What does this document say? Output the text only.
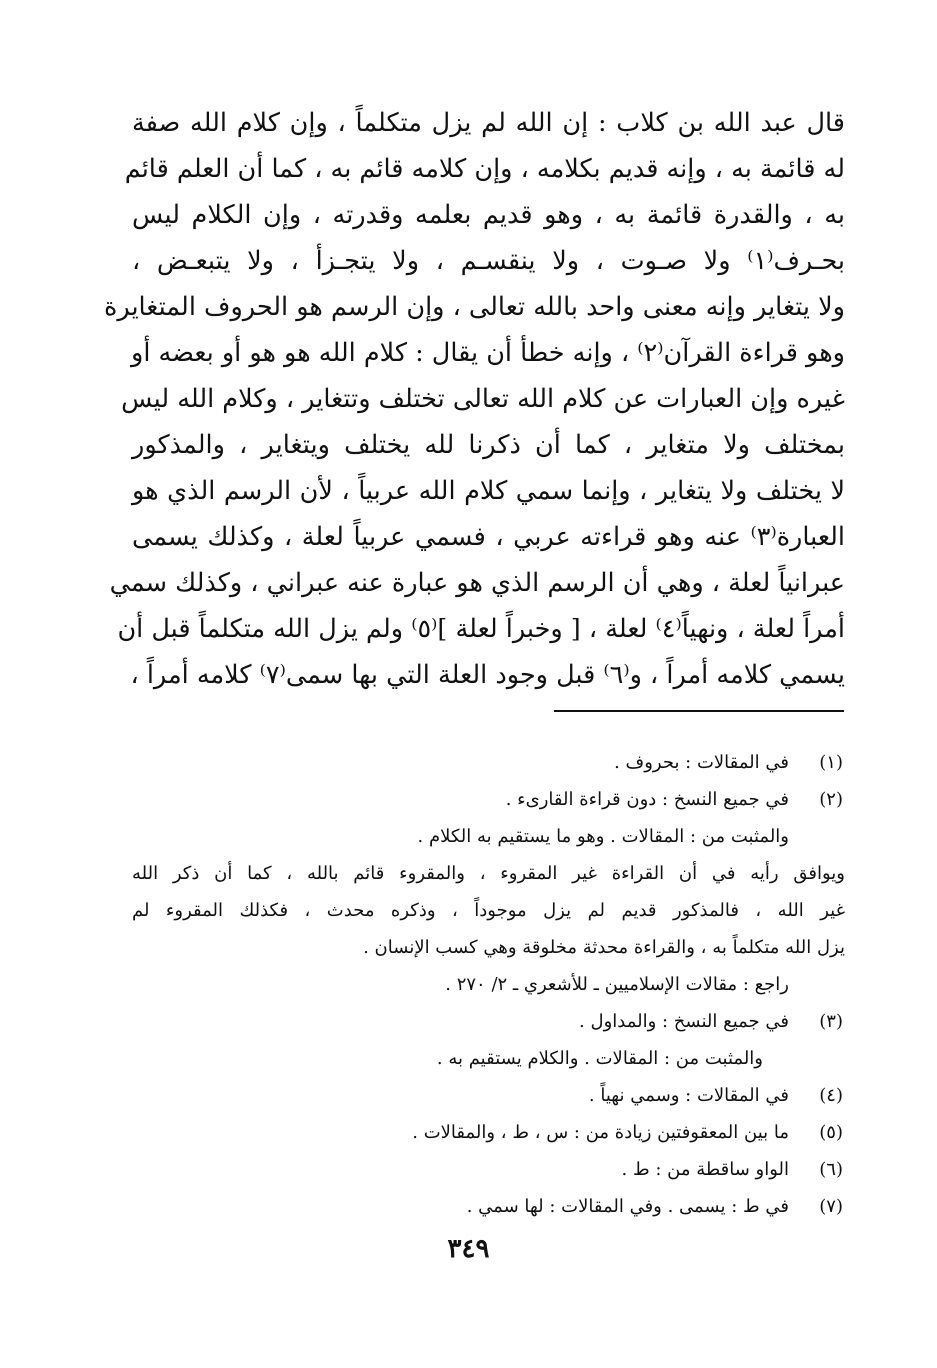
قال عبد الله بن كلاب : إن الله لم يزل متكلماً ، وإن كلام الله صفة
له قائمة به ، وإنه قديم بكلامه ، وإن كلامه قائم به ، كما أن العلم قائم
به ، والقدرة قائمة به ، وهو قديم بعلمه وقدرته ، وإن الكلام ليس
بحـرف⁽١⁾ ولا صـوت ، ولا ينقسـم ، ولا يتجـزأ ، ولا يتبعـض ،
ولا يتغاير وإنه معنى واحد بالله تعالى ، وإن الرسم هو الحروف المتغايرة
وهو قراءة القرآن⁽٢⁾ ، وإنه خطأ أن يقال : كلام الله هو هو أو بعضه أو
غيره وإن العبارات عن كلام الله تعالى تختلف وتتغاير ، وكلام الله ليس
بمختلف ولا متغاير ، كما أن ذكرنا لله يختلف ويتغاير ، والمذكور
لا يختلف ولا يتغاير ، وإنما سمي كلام الله عربياً ، لأن الرسم الذي هو
العبارة⁽٣⁾ عنه وهو قراءته عربي ، فسمي عربياً لعلة ، وكذلك يسمى
عبرانياً لعلة ، وهي أن الرسم الذي هو عبارة عنه عبراني ، وكذلك سمي
أمراً لعلة ، ونهياً⁽٤⁾ لعلة ، [ وخبراً لعلة ]⁽٥⁾ ولم يزل الله متكلماً قبل أن
يسمي كلامه أمراً ، و⁽٦⁾ قبل وجود العلة التي بها سمى⁽٧⁾ كلامه أمراً ،
(١)
في المقالات : بحروف .
(٢)
في جميع النسخ : دون قراءة القارىء .
والمثبت من : المقالات . وهو ما يستقيم به الكلام .
ويوافق رأيه في أن القراءة غير المقروء ، والمقروء قائم بالله ، كما أن ذكر الله
غير الله ، فالمذكور قديم لم يزل موجوداً ، وذكره محدث ، فكذلك المقروء لم
يزل الله متكلماً به ، والقراءة محدثة مخلوقة وهي كسب الإنسان .
راجع : مقالات الإسلاميين ـ للأشعري ـ ٢/ ٢٧٠ .
(٣)
في جميع النسخ : والمداول .
والمثبت من : المقالات . والكلام يستقيم به .
(٤)
في المقالات : وسمي نهياً .
(٥)
ما بين المعقوفتين زيادة من : س ، ط ، والمقالات .
(٦)
الواو ساقطة من : ط .
(٧)
في ط : يسمى . وفي المقالات : لها سمي .
٣٤٩
